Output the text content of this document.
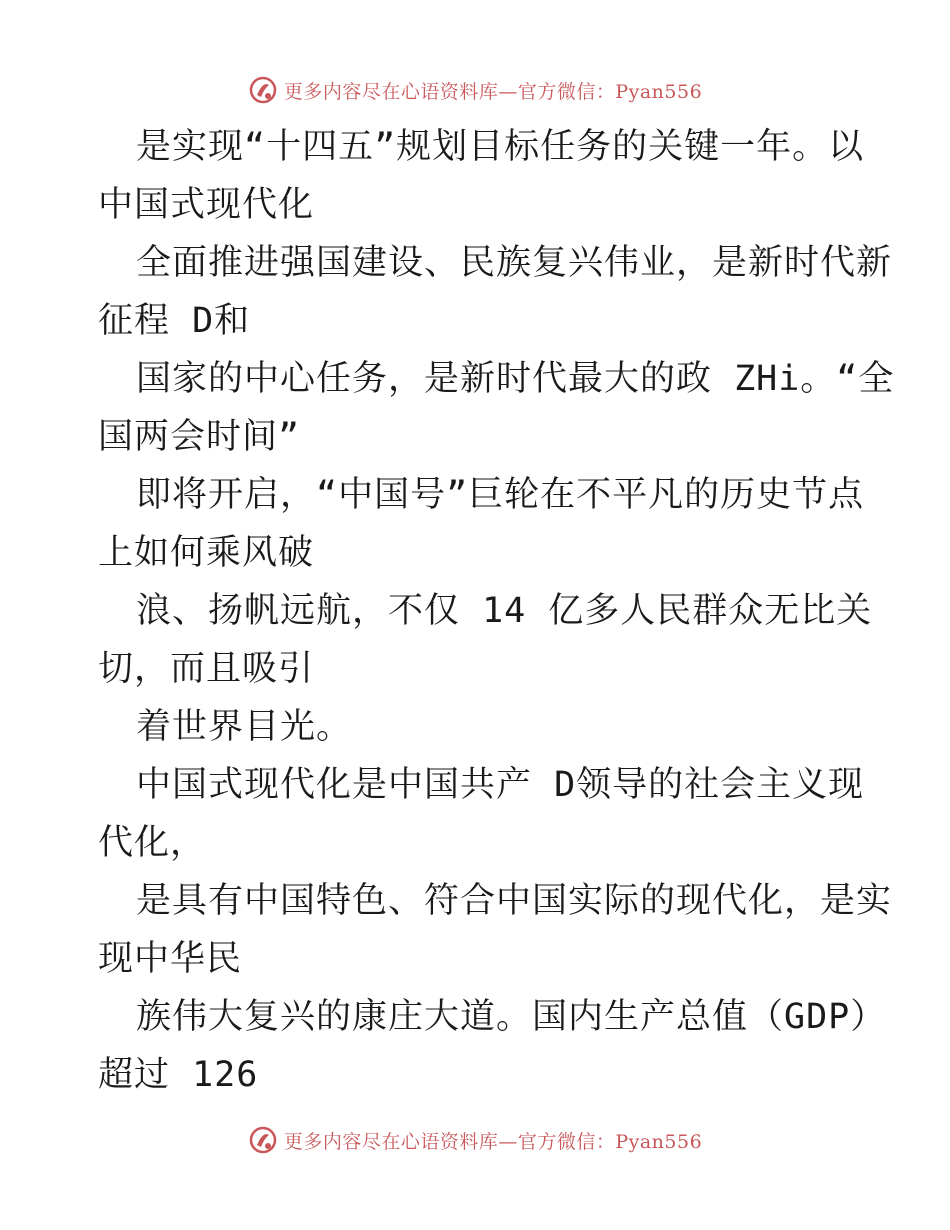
更多内容尽在心语资料库—官方微信：Pyan556
是实现“十四五”规划目标任务的关键一年。以
中国式现代化
全面推进强国建设、民族复兴伟业，是新时代新
征程 D和
国家的中心任务，是新时代最大的政 ZHi。“全
国两会时间”
即将开启，“中国号”巨轮在不平凡的历史节点
上如何乘风破
浪、扬帆远航，不仅 14 亿多人民群众无比关
切，而且吸引
着世界目光。
中国式现代化是中国共产 D领导的社会主义现
代化，
是具有中国特色、符合中国实际的现代化，是实
现中华民
族伟大复兴的康庄大道。国内生产总值（GDP）
超过 126
更多内容尽在心语资料库—官方微信：Pyan556
